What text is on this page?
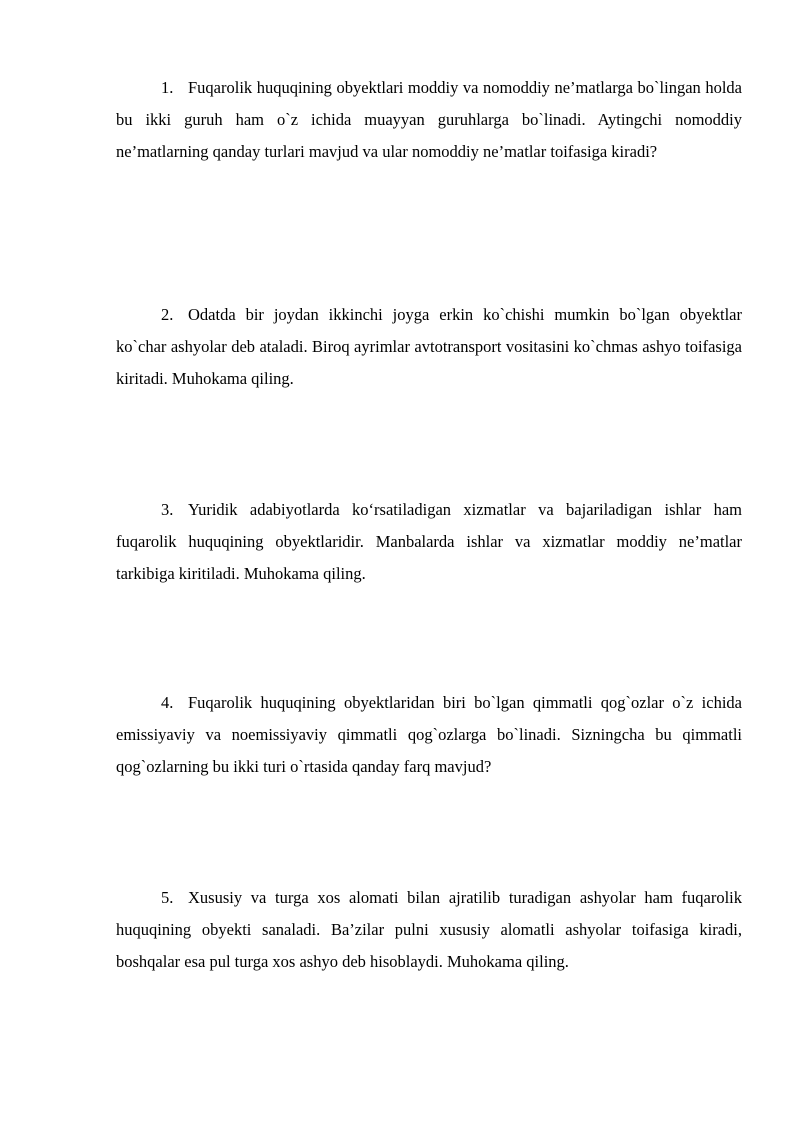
1. Fuqarolik huquqining obyektlari moddiy va nomoddiy ne’matlarga bo`lingan holda bu ikki guruh ham o`z ichida muayyan guruhlarga bo`linadi. Aytingchi nomoddiy ne’matlarning qanday turlari mavjud va ular nomoddiy ne’matlar toifasiga kiradi?

2. Odatda bir joydan ikkinchi joyga erkin ko`chishi mumkin bo`lgan obyektlar ko`char ashyolar deb ataladi. Biroq ayrimlar avtotransport vositasini ko`chmas ashyo toifasiga kiritadi. Muhokama qiling.

3. Yuridik adabiyotlarda ko‘rsatiladigan xizmatlar va bajariladigan ishlar ham fuqarolik huquqining obyektlaridir. Manbalarda ishlar va xizmatlar moddiy ne’matlar tarkibiga kiritiladi. Muhokama qiling.

4. Fuqarolik huquqining obyektlaridan biri bo`lgan qimmatli qog`ozlar o`z ichida emissiyaviy va noemissiyaviy qimmatli qog`ozlarga bo`linadi. Sizningcha bu qimmatli qog`ozlarning bu ikki turi o`rtasida qanday farq mavjud?

5. Xususiy va turga xos alomati bilan ajratilib turadigan ashyolar ham fuqarolik huquqining obyekti sanaladi. Ba’zilar pulni xususiy alomatli ashyolar toifasiga kiradi, boshqalar esa pul turga xos ashyo deb hisoblaydi. Muhokama qiling.
